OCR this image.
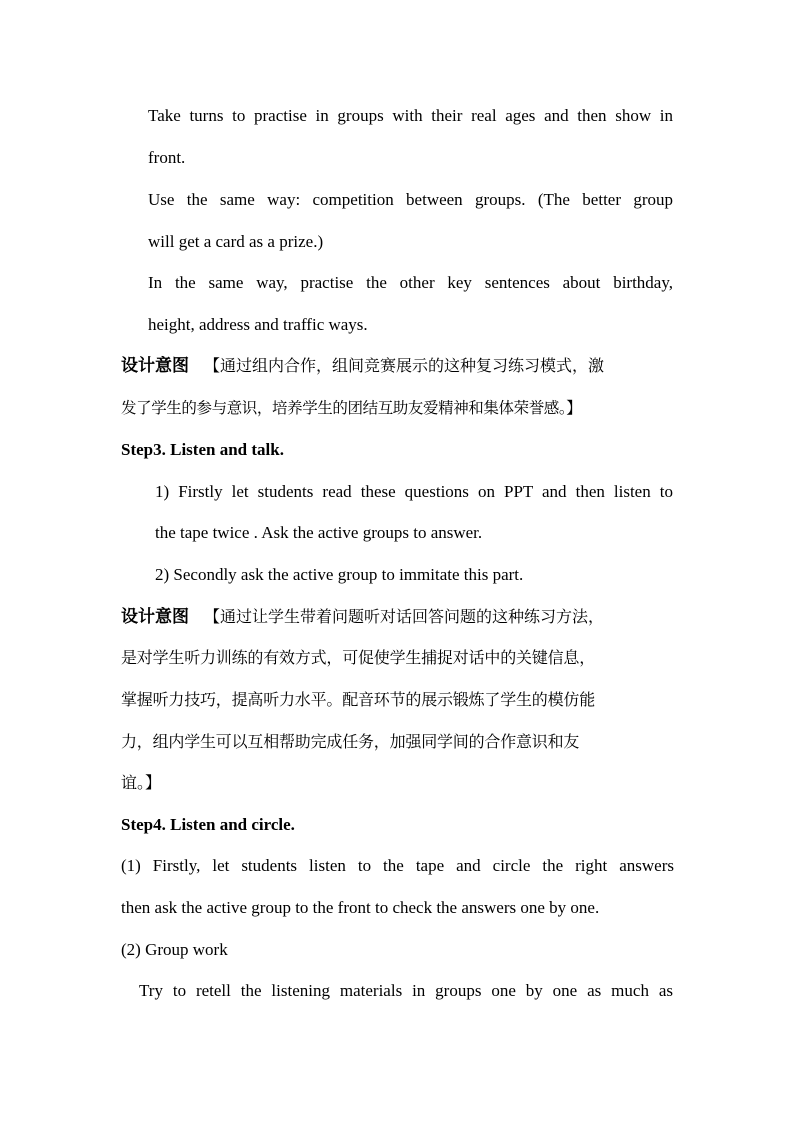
Take turns to practise in groups with their real ages and then show in
front.
Use the same way: competition between groups. (The better group
will get a card as a prize.)
In the same way, practise the other key sentences about birthday,
height, address and traffic ways.
设计意图 【通过组内合作，组间竞赛展示的这种复习练习模式，激
发了学生的参与意识，培养学生的团结互助友爱精神和集体荣誉感。】
Step3. Listen and talk.
1) Firstly let students read these questions on PPT and then listen to
the tape twice . Ask the active groups to answer.
2) Secondly ask the active group to immitate this part.
设计意图 【通过让学生带着问题听对话回答问题的这种练习方法，
是对学生听力训练的有效方式，可促使学生捕捉对话中的关键信息，
掌握听力技巧，提高听力水平。配音环节的展示锻炼了学生的模仿能
力，组内学生可以互相帮助完成任务，加强同学间的合作意识和友
谊。】
Step4. Listen and circle.
(1) Firstly, let students listen to the tape and circle the right answers
then ask the active group to the front to check the answers one by one.
(2) Group work
Try to retell the listening materials in groups one by one as much as
